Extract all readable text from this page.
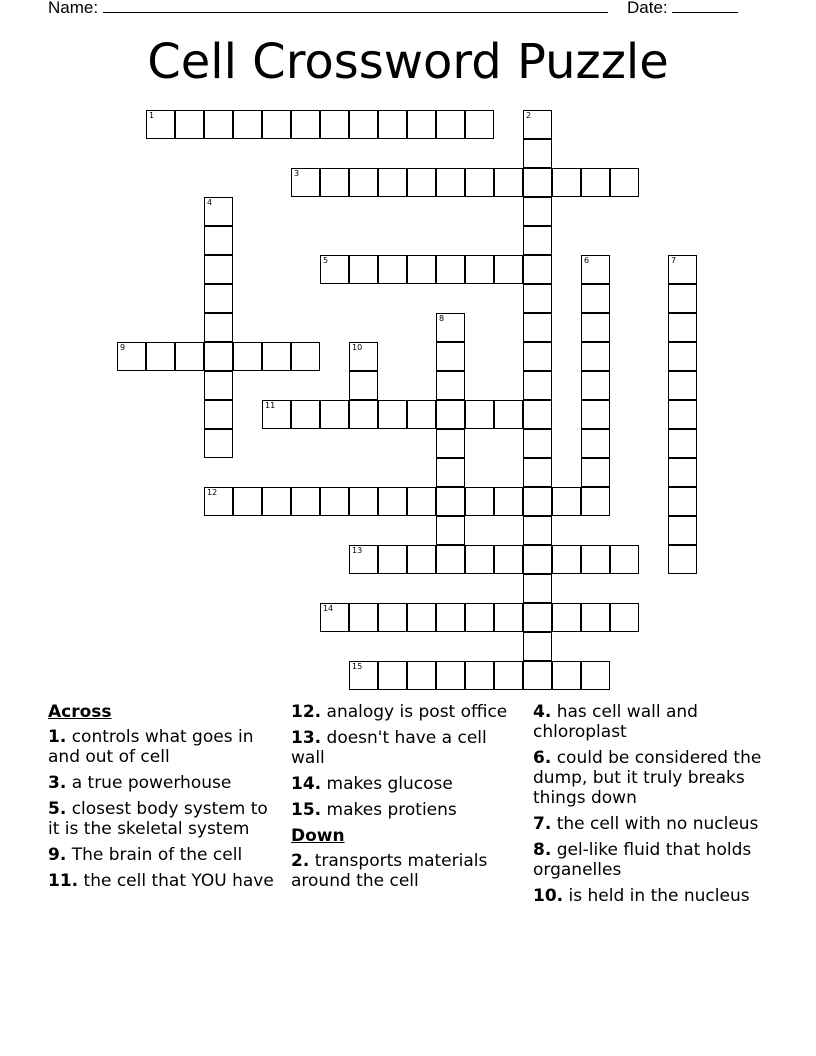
Name:	Date:
Cell Crossword Puzzle
1	2
3
4
5	6	7
8
9	10
11
12
13
14
15
Across
1. controls what goes in and out of cell
3. a true powerhouse
5. closest body system to it is the skeletal system
9. The brain of the cell
11. the cell that YOU have
12. analogy is post office
13. doesn't have a cell wall
14. makes glucose
15. makes protiens
Down
2. transports materials around the cell
4. has cell wall and chloroplast
6. could be considered the dump, but it truly breaks things down
7. the cell with no nucleus
8. gel-like fluid that holds organelles
10. is held in the nucleus
